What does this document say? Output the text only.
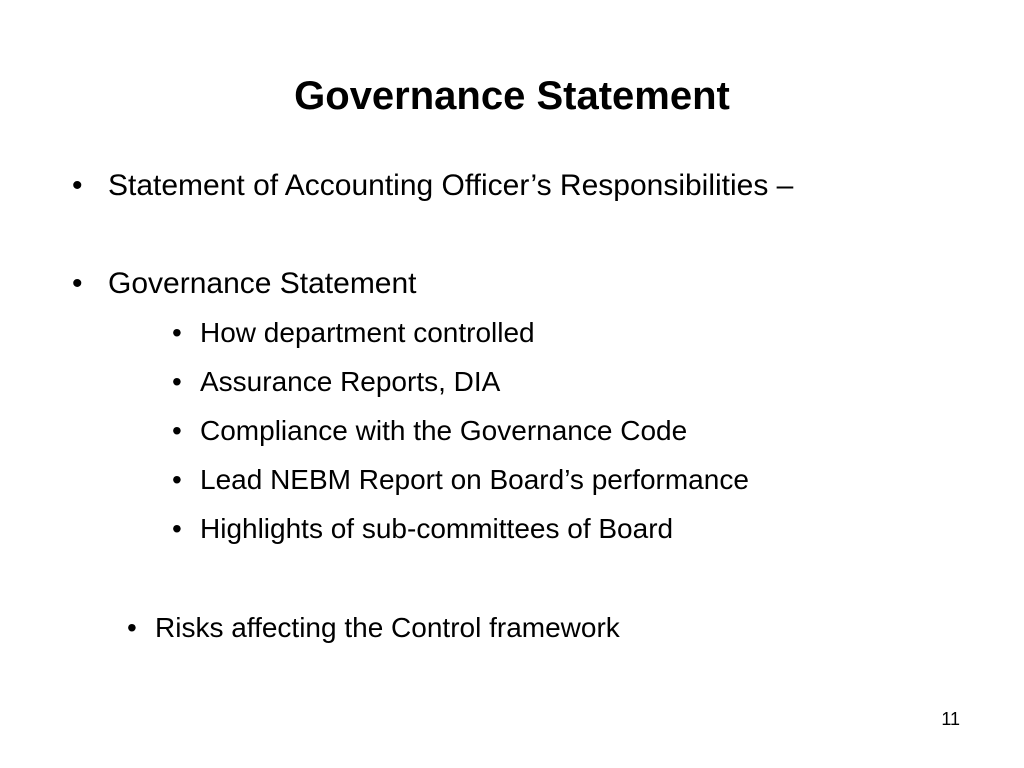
Governance Statement
• Statement of Accounting Officer’s Responsibilities –
• Governance Statement
• How department controlled
• Assurance Reports, DIA
• Compliance with the Governance Code
• Lead NEBM Report on Board’s performance
• Highlights of sub-committees of Board
• Risks affecting the Control framework
11
